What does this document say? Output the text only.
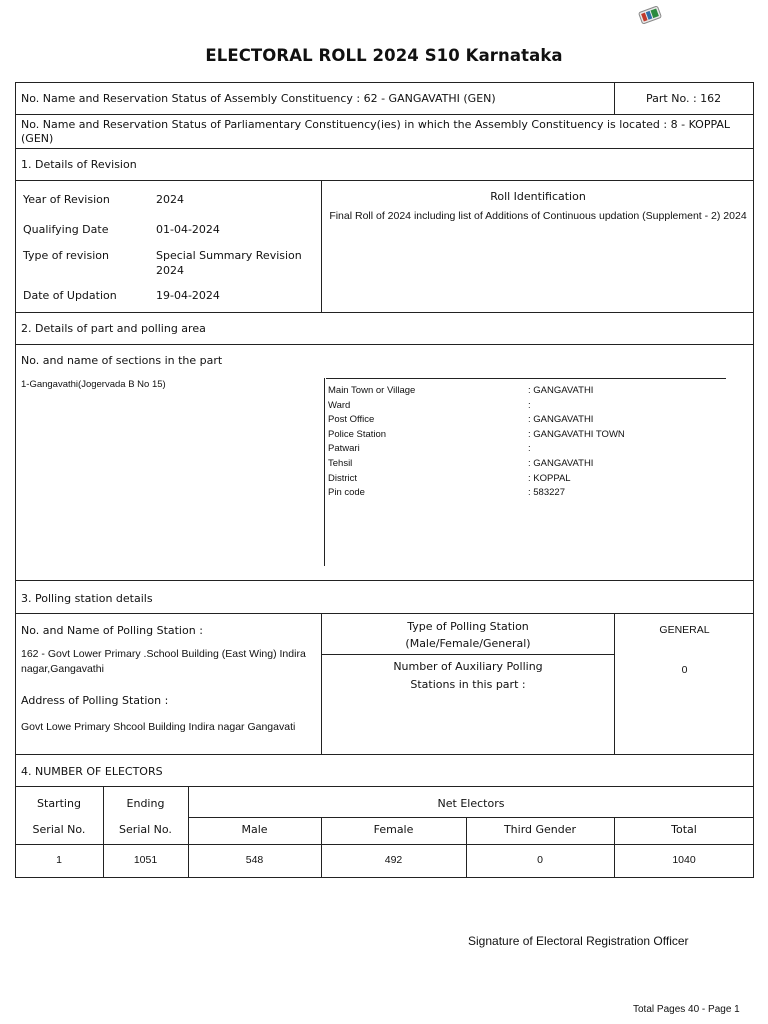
ELECTORAL ROLL 2024 S10 Karnataka
No. Name and Reservation Status of Assembly Constituency : 62 - GANGAVATHI (GEN)	Part No. : 162
No. Name and Reservation Status of Parliamentary Constituency(ies) in which the Assembly Constituency is located : 8 - KOPPAL (GEN)
1. Details of Revision
Year of Revision	2024
Qualifying Date	01-04-2024
Type of revision	Special Summary Revision 2024
Date of Updation	19-04-2024
Roll Identification
Final Roll of 2024 including list of Additions of Continuous updation (Supplement - 2) 2024
2. Details of part and polling area
No. and name of sections in the part
1-Gangavathi(Jogervada B No 15)
Main Town or Village	: GANGAVATHI
Ward	:
Post Office	: GANGAVATHI
Police Station	: GANGAVATHI TOWN
Patwari	:
Tehsil	: GANGAVATHI
District	: KOPPAL
Pin code	: 583227
3. Polling station details
No. and Name of Polling Station :
162 - Govt Lower Primary .School Building (East Wing) Indira nagar,Gangavathi
Address of Polling Station :
Govt Lowe Primary Shcool Building Indira nagar Gangavati
Type of Polling Station
(Male/Female/General)
GENERAL
Number of Auxiliary Polling
Stations in this part :
0
4. NUMBER OF ELECTORS
Starting
Serial No.
Ending
Serial No.
Net Electors
Male	Female	Third Gender	Total
1	1051	548	492	0	1040
Signature of Electoral Registration Officer
Total Pages 40 - Page 1
